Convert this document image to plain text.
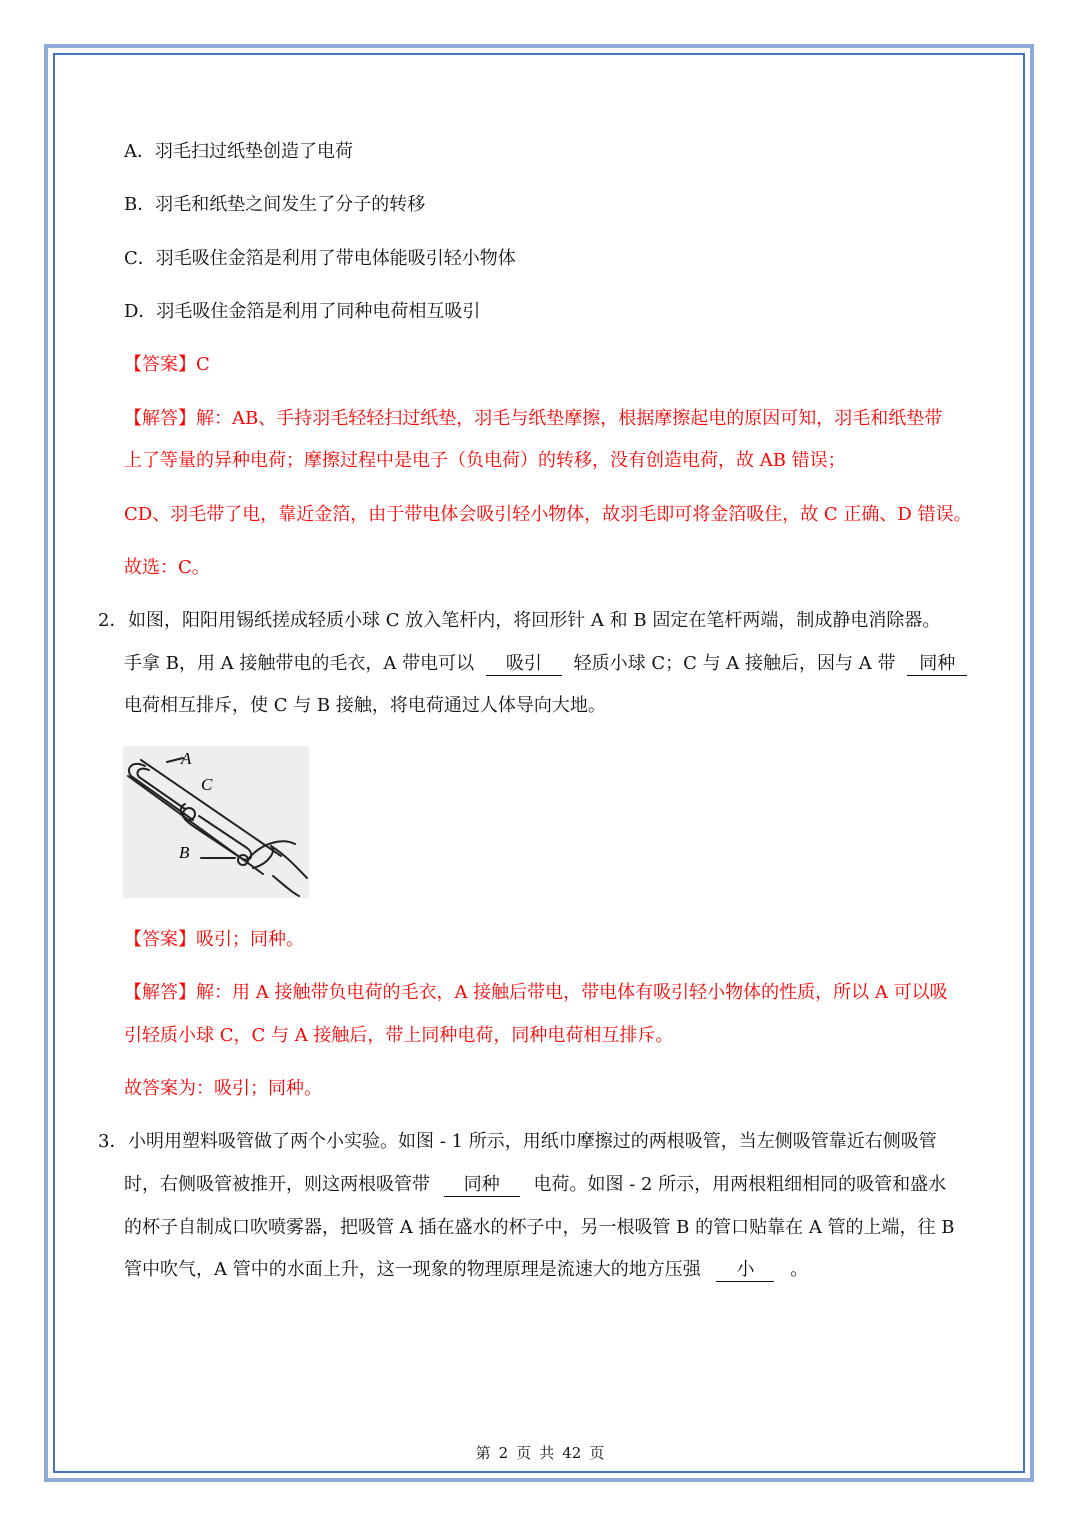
A．羽毛扫过纸垫创造了电荷
B．羽毛和纸垫之间发生了分子的转移
C．羽毛吸住金箔是利用了带电体能吸引轻小物体
D．羽毛吸住金箔是利用了同种电荷相互吸引
【答案】C
【解答】解：AB、手持羽毛轻轻扫过纸垫，羽毛与纸垫摩擦，根据摩擦起电的原因可知，羽毛和纸垫带
上了等量的异种电荷；摩擦过程中是电子（负电荷）的转移，没有创造电荷，故 AB 错误；
CD、羽毛带了电，靠近金箔，由于带电体会吸引轻小物体，故羽毛即可将金箔吸住，故 C 正确、D 错误。
故选：C。
2． 如图，阳阳用锡纸搓成轻质小球 C 放入笔杆内，将回形针 A 和 B 固定在笔杆两端，制成静电消除器。
手拿 B，用 A 接触带电的毛衣，A 带电可以 吸引 轻质小球 C；C 与 A 接触后，因与 A 带 同种
电荷相互排斥，使 C 与 B 接触，将电荷通过人体导向大地。
A
C
B
【答案】吸引；同种。
【解答】解：用 A 接触带负电荷的毛衣，A 接触后带电，带电体有吸引轻小物体的性质，所以 A 可以吸
引轻质小球 C，C 与 A 接触后，带上同种电荷，同种电荷相互排斥。
故答案为：吸引；同种。
3． 小明用塑料吸管做了两个小实验。如图 - 1 所示，用纸巾摩擦过的两根吸管，当左侧吸管靠近右侧吸管
时，右侧吸管被推开，则这两根吸管带 同种 电荷。如图 - 2 所示，用两根粗细相同的吸管和盛水
的杯子自制成口吹喷雾器，把吸管 A 插在盛水的杯子中，另一根吸管 B 的管口贴靠在 A 管的上端，往 B
管中吹气，A 管中的水面上升，这一现象的物理原理是流速大的地方压强 小 。
第 2 页 共 42 页
